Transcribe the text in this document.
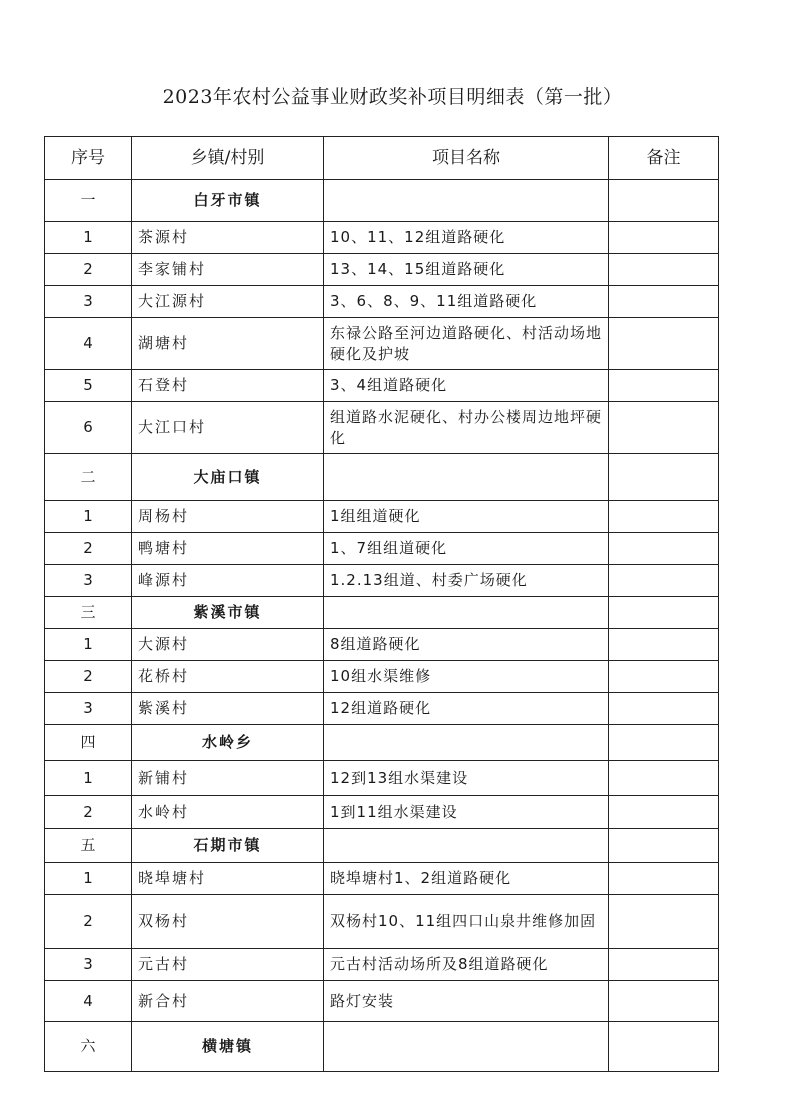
2023年农村公益事业财政奖补项目明细表（第一批）
序号	乡镇/村别	项目名称	备注
一	白牙市镇		
1	茶源村	10、11、12组道路硬化	
2	李家铺村	13、14、15组道路硬化	
3	大江源村	3、6、8、9、11组道路硬化	
4	湖塘村	东禄公路至河边道路硬化、村活动场地硬化及护坡	
5	石登村	3、4组道路硬化	
6	大江口村	组道路水泥硬化、村办公楼周边地坪硬化	
二	大庙口镇		
1	周杨村	1组组道硬化	
2	鸭塘村	1、7组组道硬化	
3	峰源村	1.2.13组道、村委广场硬化	
三	紫溪市镇		
1	大源村	8组道路硬化	
2	花桥村	10组水渠维修	
3	紫溪村	12组道路硬化	
四	水岭乡		
1	新铺村	12到13组水渠建设	
2	水岭村	1到11组水渠建设	
五	石期市镇		
1	晓埠塘村	晓埠塘村1、2组道路硬化	
2	双杨村	双杨村10、11组四口山泉井维修加固	
3	元古村	元古村活动场所及8组道路硬化	
4	新合村	路灯安装	
六	横塘镇		
